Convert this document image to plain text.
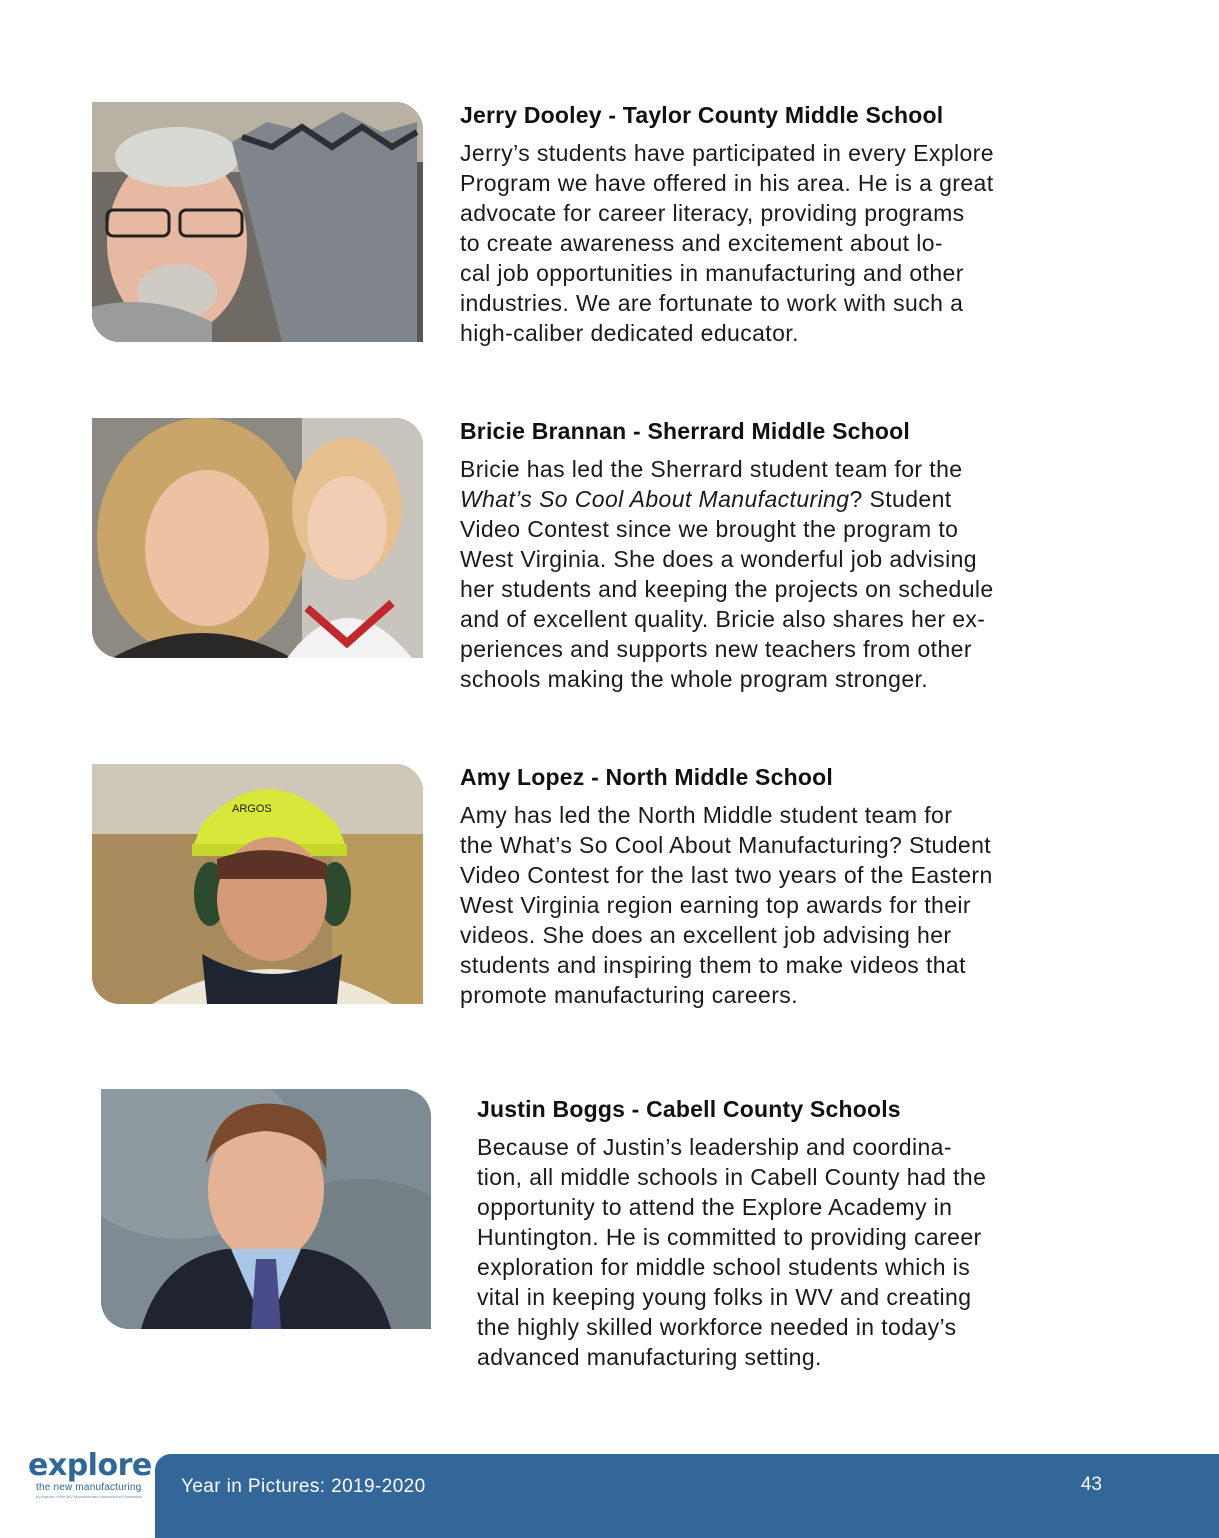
Jerry Dooley - Taylor County Middle School
Jerry’s students have participated in every Explore
Program we have offered in his area. He is a great
advocate for career literacy, providing programs
to create awareness and excitement about lo-
cal job opportunities in manufacturing and other
industries. We are fortunate to work with such a
high-caliber dedicated educator.
Bricie Brannan - Sherrard Middle School
Bricie has led the Sherrard student team for the
What’s So Cool About Manufacturing? Student
Video Contest since we brought the program to
West Virginia. She does a wonderful job advising
her students and keeping the projects on schedule
and of excellent quality. Bricie also shares her ex-
periences and supports new teachers from other
schools making the whole program stronger.
ARGOS
Amy Lopez - North Middle School
Amy has led the North Middle student team for
the What’s So Cool About Manufacturing? Student
Video Contest for the last two years of the Eastern
West Virginia region earning top awards for their
videos. She does an excellent job advising her
students and inspiring them to make videos that
promote manufacturing careers.
Justin Boggs - Cabell County Schools
Because of Justin’s leadership and coordina-
tion, all middle schools in Cabell County had the
opportunity to attend the Explore Academy in
Huntington. He is committed to providing career
exploration for middle school students which is
vital in keeping young folks in WV and creating
the highly skilled workforce needed in today’s
advanced manufacturing setting.
explore
the new manufacturing
a program of the WV Manufacturers Association Foundation Year in Pictures: 2019-2020	43
